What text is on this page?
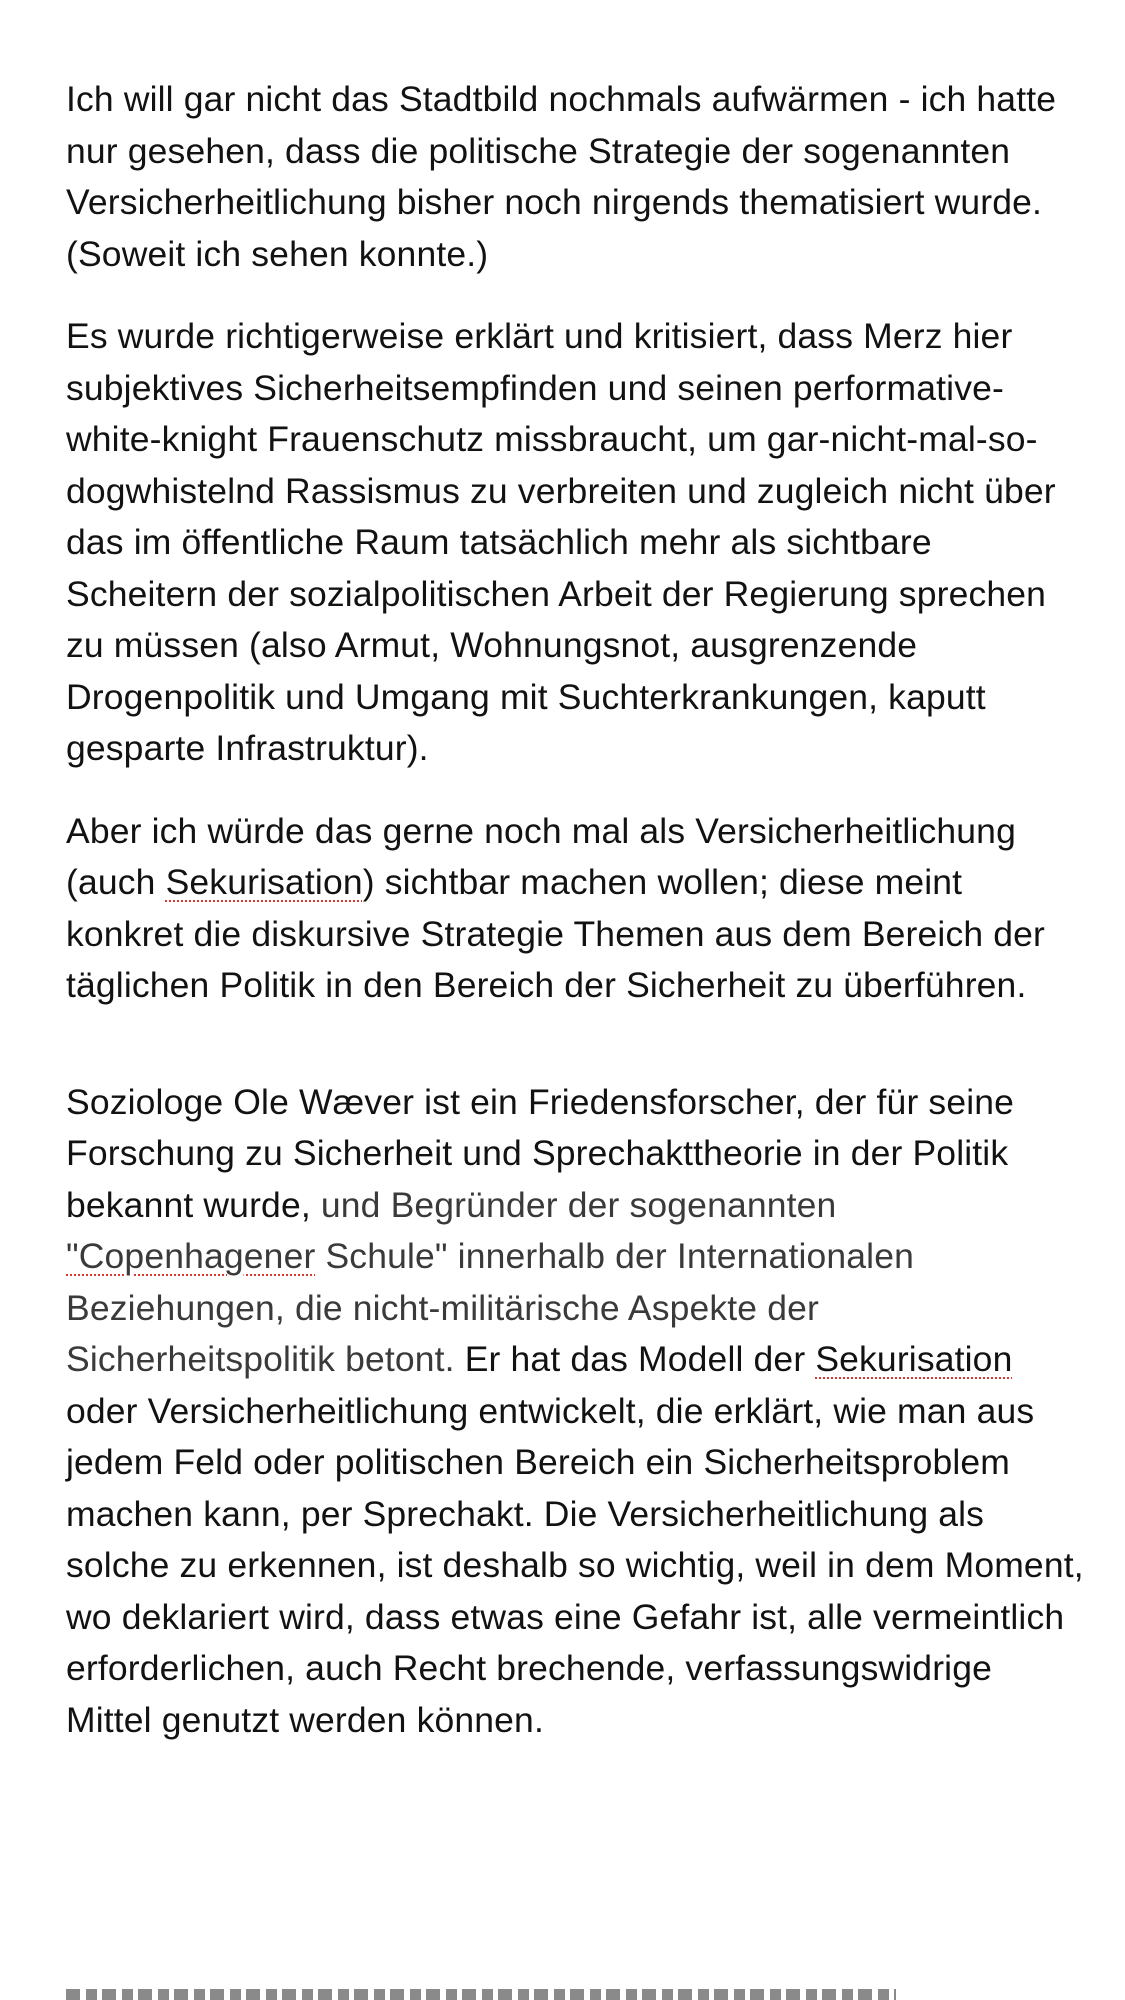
Ich will gar nicht das Stadtbild nochmals aufwärmen - ich hatte nur gesehen, dass die politische Strategie der sogenannten Versicherheitlichung bisher noch nirgends thematisiert wurde. (Soweit ich sehen konnte.)

Es wurde richtigerweise erklärt und kritisiert, dass Merz hier subjektives Sicherheitsempfinden und seinen performative-white-knight Frauenschutz missbraucht, um gar-nicht-mal-so-dogwhistelnd Rassismus zu verbreiten und zugleich nicht über das im öffentliche Raum tatsächlich mehr als sichtbare Scheitern der sozialpolitischen Arbeit der Regierung sprechen zu müssen (also Armut, Wohnungsnot, ausgrenzende Drogenpolitik und Umgang mit Suchterkrankungen, kaputt gesparte Infrastruktur).

Aber ich würde das gerne noch mal als Versicherheitlichung (auch Sekurisation) sichtbar machen wollen; diese meint konkret die diskursive Strategie Themen aus dem Bereich der täglichen Politik in den Bereich der Sicherheit zu überführen.

Soziologe Ole Wæver ist ein Friedensforscher, der für seine Forschung zu Sicherheit und Sprechakttheorie in der Politik bekannt wurde, und Begründer der sogenannten "Copenhagener Schule" innerhalb der Internationalen Beziehungen, die nicht-militärische Aspekte der Sicherheitspolitik betont. Er hat das Modell der Sekurisation oder Versicherheitlichung entwickelt, die erklärt, wie man aus jedem Feld oder politischen Bereich ein Sicherheitsproblem machen kann, per Sprechakt. Die Versicherheitlichung als solche zu erkennen, ist deshalb so wichtig, weil in dem Moment, wo deklariert wird, dass etwas eine Gefahr ist, alle vermeintlich erforderlichen, auch Recht brechende, verfassungswidrige Mittel genutzt werden können.
